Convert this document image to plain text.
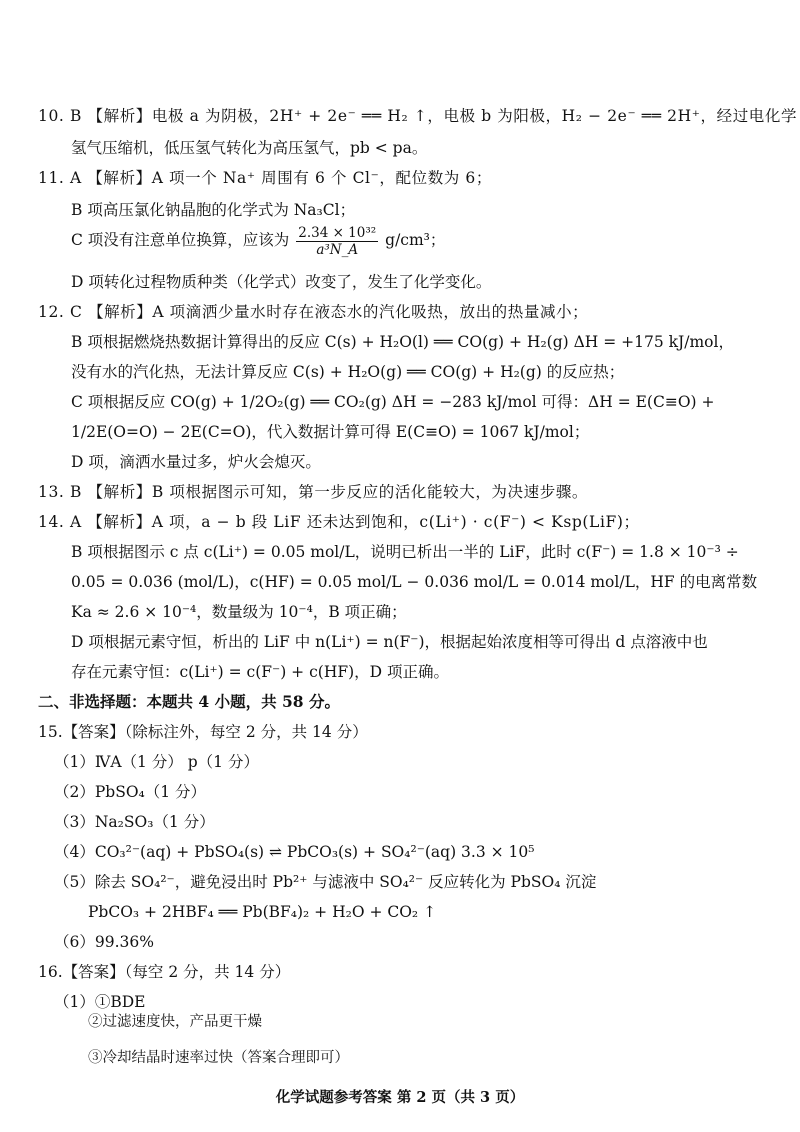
10. B 【解析】电极 a 为阴极，2H⁺ + 2e⁻ ══ H₂ ↑，电极 b 为阳极，H₂ − 2e⁻ ══ 2H⁺，经过电化学
氢气压缩机，低压氢气转化为高压氢气，pb < pa。
11. A 【解析】A 项一个 Na⁺ 周围有 6 个 Cl⁻，配位数为 6；
B 项高压氯化钠晶胞的化学式为 Na₃Cl；
C 项没有注意单位换算，应该为 $\frac{\text{2.34 × 10³²}}{\text{a³N\_A}} g/cm^3$；
D 项转化过程物质种类（化学式）改变了，发生了化学变化。
12. C 【解析】A 项滴洒少量水时存在液态水的汽化吸热，放出的热量减小；
B 项根据燃烧热数据计算得出的反应 C(s) + H₂O(l) ══ CO(g) + H₂(g) ΔH = +175 kJ/mol，
没有水的汽化热，无法计算反应 C(s) + H₂O(g) ══ CO(g) + H₂(g) 的反应热；
C 项根据反应 CO(g) + 1/2O₂(g) ══ CO₂(g) ΔH = −283 kJ/mol 可得：ΔH = E(C≡O) +
1/2E(O=O) − 2E(C=O)，代入数据计算可得 E(C≡O) = 1067 kJ/mol；
D 项，滴洒水量过多，炉火会熄灭。
13. B 【解析】B 项根据图示可知，第一步反应的活化能较大，为决速步骤。
14. A 【解析】A 项，a − b 段 LiF 还未达到饱和，c(Li⁺) · c(F⁻) < Ksp(LiF)；
B 项根据图示 c 点 c(Li⁺) = 0.05 mol/L，说明已析出一半的 LiF，此时 c(F⁻) = 1.8 × 10⁻³ ÷
0.05 = 0.036 (mol/L)，c(HF) = 0.05 mol/L − 0.036 mol/L = 0.014 mol/L，HF 的电离常数
Ka ≈ 2.6 × 10⁻⁴，数量级为 10⁻⁴，B 项正确；
D 项根据元素守恒，析出的 LiF 中 n(Li⁺) = n(F⁻)，根据起始浓度相等可得出 d 点溶液中也
存在元素守恒：c(Li⁺) = c(F⁻) + c(HF)，D 项正确。
二、非选择题：本题共 4 小题，共 58 分。
15.【答案】（除标注外，每空 2 分，共 14 分）
（1）ⅣA（1 分） p（1 分）
（2）PbSO₄（1 分）
（3）Na₂SO₃（1 分）
（4）CO₃²⁻(aq) + PbSO₄(s) ⇌ PbCO₃(s) + SO₄²⁻(aq) 3.3 × 10⁵
（5）除去 SO₄²⁻，避免浸出时 Pb²⁺ 与滤液中 SO₄²⁻ 反应转化为 PbSO₄ 沉淀
PbCO₃ + 2HBF₄ ══ Pb(BF₄)₂ + H₂O + CO₂ ↑
（6）99.36%
16.【答案】（每空 2 分，共 14 分）
（1）①BDE
②过滤速度快，产品更干燥
化学试题参考答案 第 2 页（共 3 页）
③冷却结晶时速率过快（答案合理即可）
